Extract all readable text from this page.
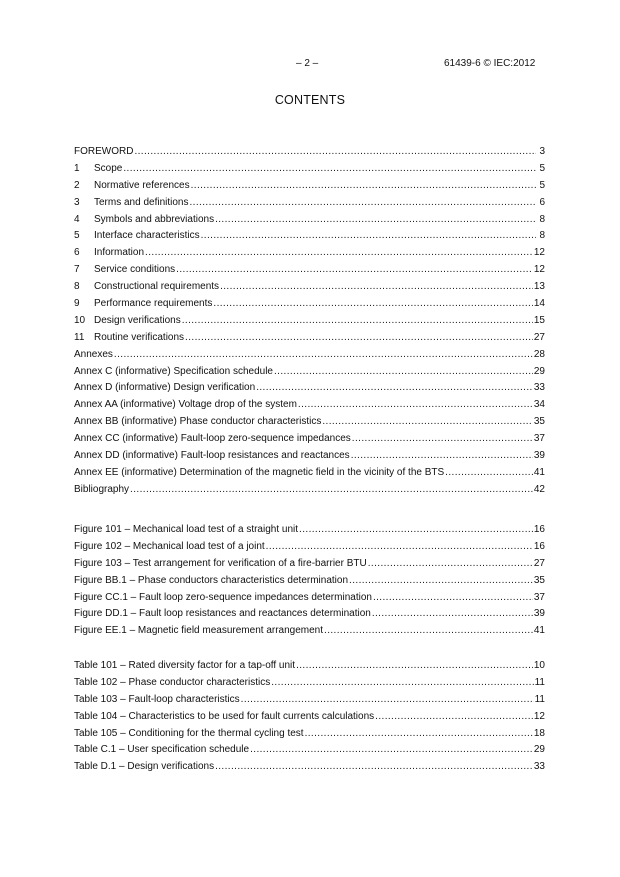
– 2 –	61439-6 © IEC:2012
CONTENTS
FOREWORD .....	3
1	Scope .....	5
2	Normative references .....	5
3	Terms and definitions .....	6
4	Symbols and abbreviations .....	8
5	Interface characteristics .....	8
6	Information .....	12
7	Service conditions .....	12
8	Constructional requirements .....	13
9	Performance requirements .....	14
10 Design verifications .....	15
11 Routine verifications .....	27
Annexes .....	28
Annex C (informative) Specification schedule .....	29
Annex D (informative) Design verification .....	33
Annex AA (informative) Voltage drop of the system .....	34
Annex BB (informative) Phase conductor characteristics .....	35
Annex CC (informative) Fault-loop zero-sequence impedances .....	37
Annex DD (informative) Fault-loop resistances and reactances .....	39
Annex EE (informative) Determination of the magnetic field in the vicinity of the BTS .....	41
Bibliography .....	42
Figure 101 – Mechanical load test of a straight unit .....	16
Figure 102 – Mechanical load test of a joint .....	16
Figure 103 – Test arrangement for verification of a fire-barrier BTU .....	27
Figure BB.1 – Phase conductors characteristics determination .....	35
Figure CC.1 – Fault loop zero-sequence impedances determination .....	37
Figure DD.1 – Fault loop resistances and reactances determination .....	39
Figure EE.1 – Magnetic field measurement arrangement .....	41
Table 101 – Rated diversity factor for a tap-off unit .....	10
Table 102 – Phase conductor characteristics .....	11
Table 103 – Fault-loop characteristics .....	11
Table 104 – Characteristics to be used for fault currents calculations .....	12
Table 105 – Conditioning for the thermal cycling test .....	18
Table C.1 – User specification schedule .....	29
Table D.1 – Design verifications .....	33
